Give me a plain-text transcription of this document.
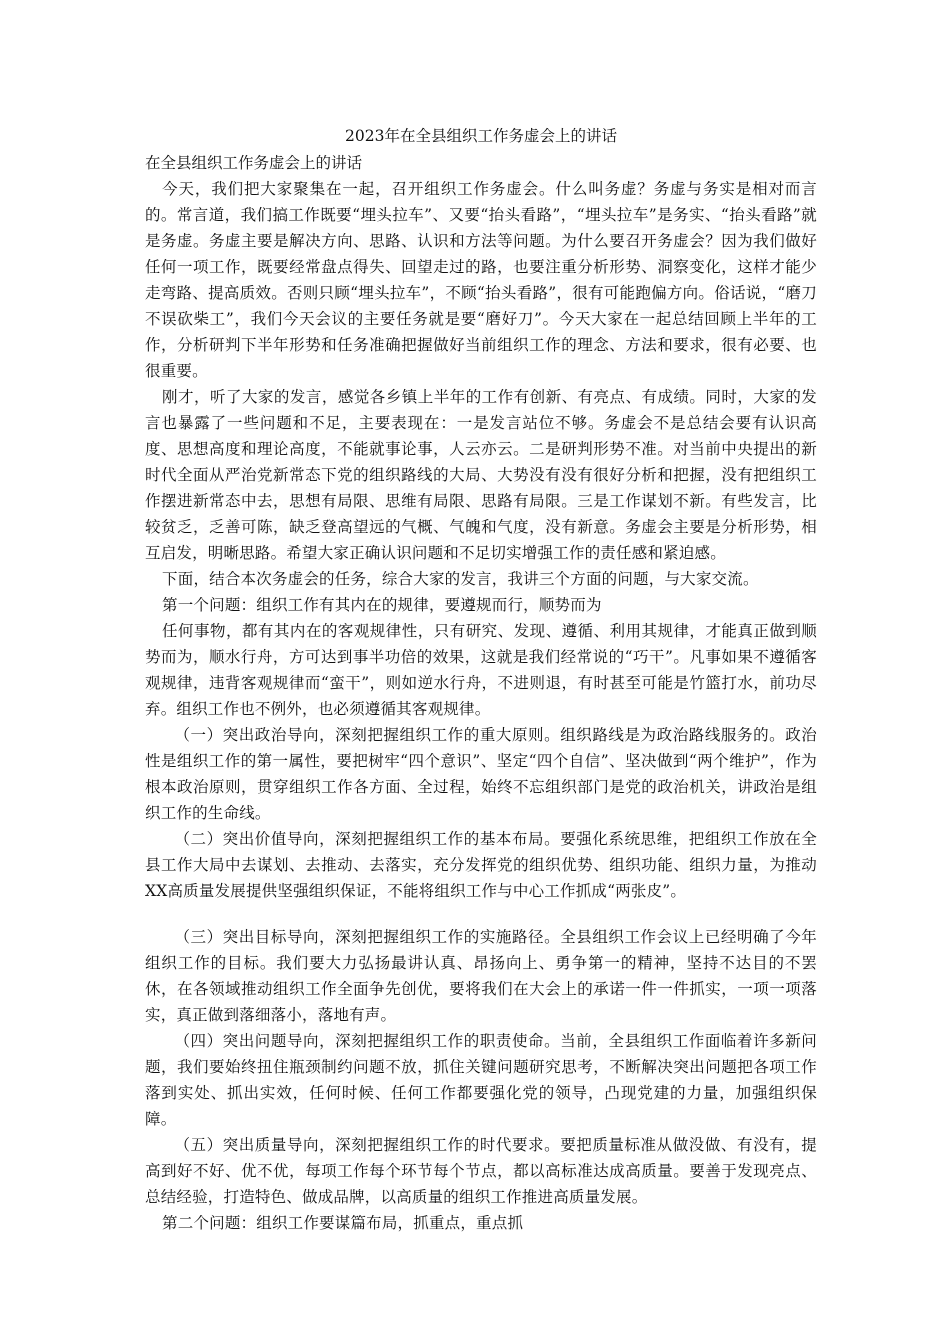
2023年在全县组织工作务虚会上的讲话

在全县组织工作务虚会上的讲话

今天，我们把大家聚集在一起，召开组织工作务虚会。什么叫务虚？务虚与务实是相对而言的。常言道，我们搞工作既要“埋头拉车”、又要“抬头看路”，“埋头拉车”是务实、“抬头看路”就是务虚。务虚主要是解决方向、思路、认识和方法等问题。为什么要召开务虚会？因为我们做好任何一项工作，既要经常盘点得失、回望走过的路，也要注重分析形势、洞察变化，这样才能少走弯路、提高质效。否则只顾“埋头拉车”，不顾“抬头看路”，很有可能跑偏方向。俗话说，“磨刀不误砍柴工”，我们今天会议的主要任务就是要“磨好刀”。今天大家在一起总结回顾上半年的工作，分析研判下半年形势和任务准确把握做好当前组织工作的理念、方法和要求，很有必要、也很重要。

刚才，听了大家的发言，感觉各乡镇上半年的工作有创新、有亮点、有成绩。同时，大家的发言也暴露了一些问题和不足，主要表现在：一是发言站位不够。务虚会不是总结会要有认识高度、思想高度和理论高度，不能就事论事，人云亦云。二是研判形势不准。对当前中央提出的新时代全面从严治党新常态下党的组织路线的大局、大势没有没有很好分析和把握，没有把组织工作摆进新常态中去，思想有局限、思维有局限、思路有局限。三是工作谋划不新。有些发言，比较贫乏，乏善可陈，缺乏登高望远的气概、气魄和气度，没有新意。务虚会主要是分析形势，相互启发，明晰思路。希望大家正确认识问题和不足切实增强工作的责任感和紧迫感。

下面，结合本次务虚会的任务，综合大家的发言，我讲三个方面的问题，与大家交流。

第一个问题：组织工作有其内在的规律，要遵规而行，顺势而为

任何事物，都有其内在的客观规律性，只有研究、发现、遵循、利用其规律，才能真正做到顺势而为，顺水行舟，方可达到事半功倍的效果，这就是我们经常说的“巧干”。凡事如果不遵循客观规律，违背客观规律而“蛮干”，则如逆水行舟，不进则退，有时甚至可能是竹篮打水，前功尽弃。组织工作也不例外，也必须遵循其客观规律。

（一）突出政治导向，深刻把握组织工作的重大原则。组织路线是为政治路线服务的。政治性是组织工作的第一属性，要把树牢“四个意识”、坚定“四个自信”、坚决做到“两个维护”，作为根本政治原则，贯穿组织工作各方面、全过程，始终不忘组织部门是党的政治机关，讲政治是组织工作的生命线。

（二）突出价值导向，深刻把握组织工作的基本布局。要强化系统思维，把组织工作放在全县工作大局中去谋划、去推动、去落实，充分发挥党的组织优势、组织功能、组织力量，为推动XX高质量发展提供坚强组织保证，不能将组织工作与中心工作抓成“两张皮”。

（三）突出目标导向，深刻把握组织工作的实施路径。全县组织工作会议上已经明确了今年组织工作的目标。我们要大力弘扬最讲认真、昂扬向上、勇争第一的精神，坚持不达目的不罢休，在各领域推动组织工作全面争先创优，要将我们在大会上的承诺一件一件抓实，一项一项落实，真正做到落细落小，落地有声。

（四）突出问题导向，深刻把握组织工作的职责使命。当前，全县组织工作面临着许多新问题，我们要始终扭住瓶颈制约问题不放，抓住关键问题研究思考，不断解决突出问题把各项工作落到实处、抓出实效，任何时候、任何工作都要强化党的领导，凸现党建的力量，加强组织保障。

（五）突出质量导向，深刻把握组织工作的时代要求。要把质量标准从做没做、有没有，提高到好不好、优不优，每项工作每个环节每个节点，都以高标准达成高质量。要善于发现亮点、总结经验，打造特色、做成品牌，以高质量的组织工作推进高质量发展。

第二个问题：组织工作要谋篇布局，抓重点，重点抓
